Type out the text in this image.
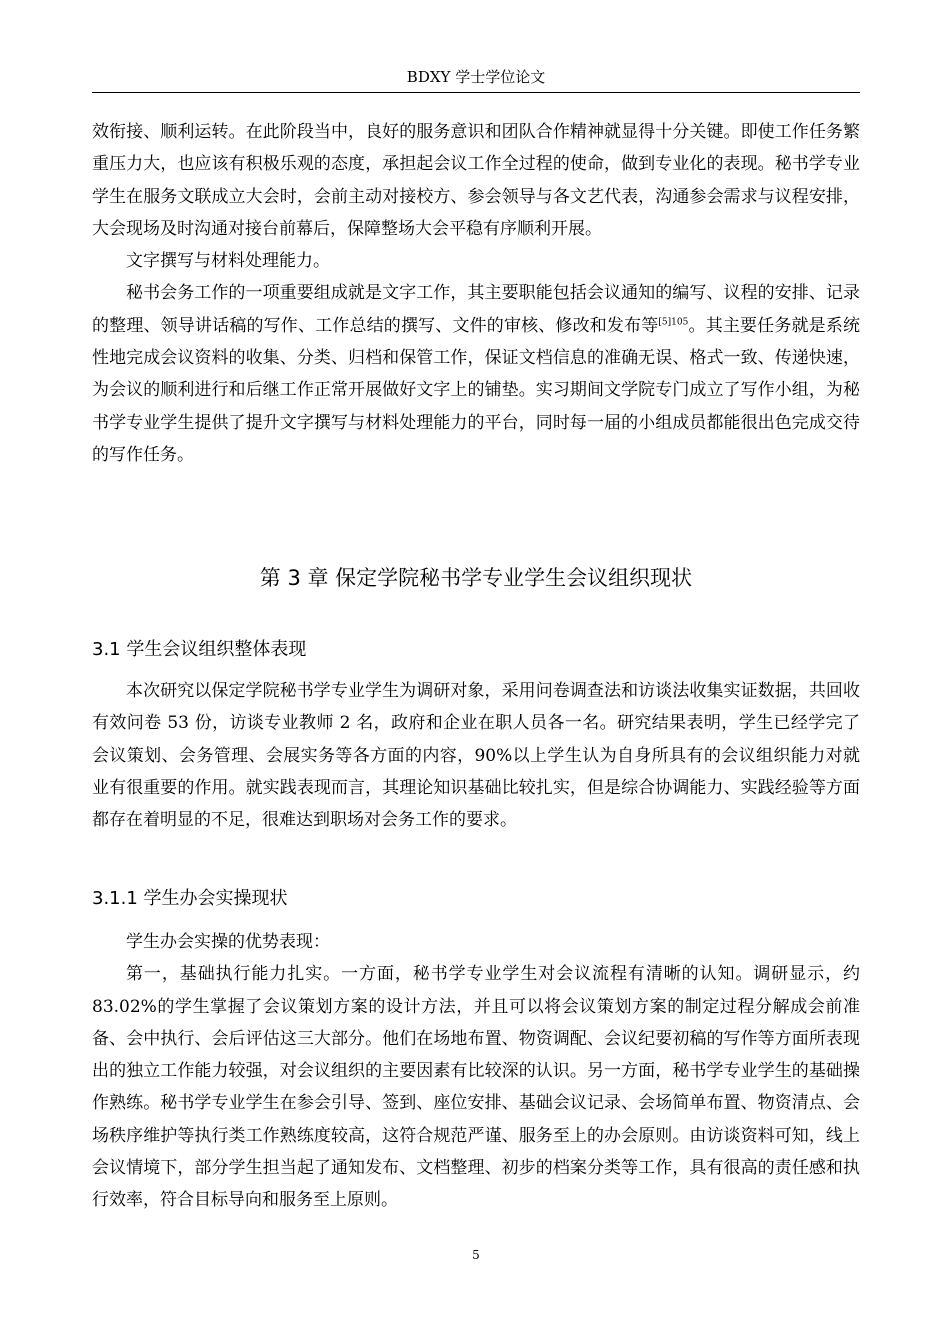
BDXY 学士学位论文

效衔接、顺利运转。在此阶段当中，良好的服务意识和团队合作精神就显得十分关键。即使工作任务繁重压力大，也应该有积极乐观的态度，承担起会议工作全过程的使命，做到专业化的表现。秘书学专业学生在服务文联成立大会时，会前主动对接校方、参会领导与各文艺代表，沟通参会需求与议程安排，大会现场及时沟通对接台前幕后，保障整场大会平稳有序顺利开展。

文字撰写与材料处理能力。

秘书会务工作的一项重要组成就是文字工作，其主要职能包括会议通知的编写、议程的安排、记录的整理、领导讲话稿的写作、工作总结的撰写、文件的审核、修改和发布等$^{[5]105}$。其主要任务就是系统性地完成会议资料的收集、分类、归档和保管工作，保证文档信息的准确无误、格式一致、传递快速，为会议的顺利进行和后继工作正常开展做好文字上的铺垫。实习期间文学院专门成立了写作小组，为秘书学专业学生提供了提升文字撰写与材料处理能力的平台，同时每一届的小组成员都能很出色完成交待的写作任务。

第 3 章 保定学院秘书学专业学生会议组织现状
3.1 学生会议组织整体表现

本次研究以保定学院秘书学专业学生为调研对象，采用问卷调查法和访谈法收集实证数据，共回收有效问卷 53 份，访谈专业教师 2 名，政府和企业在职人员各一名。研究结果表明，学生已经学完了会议策划、会务管理、会展实务等各方面的内容，90%以上学生认为自身所具有的会议组织能力对就业有很重要的作用。就实践表现而言，其理论知识基础比较扎实，但是综合协调能力、实践经验等方面都存在着明显的不足，很难达到职场对会务工作的要求。

3.1.1 学生办会实操现状

学生办会实操的优势表现：

第一，基础执行能力扎实。一方面，秘书学专业学生对会议流程有清晰的认知。调研显示，约 83.02%的学生掌握了会议策划方案的设计方法，并且可以将会议策划方案的制定过程分解成会前准备、会中执行、会后评估这三大部分。他们在场地布置、物资调配、会议纪要初稿的写作等方面所表现出的独立工作能力较强，对会议组织的主要因素有比较深的认识。另一方面，秘书学专业学生的基础操作熟练。秘书学专业学生在参会引导、签到、座位安排、基础会议记录、会场简单布置、物资清点、会场秩序维护等执行类工作熟练度较高，这符合规范严谨、服务至上的办会原则。由访谈资料可知，线上会议情境下，部分学生担当起了通知发布、文档整理、初步的档案分类等工作，具有很高的责任感和执行效率，符合目标导向和服务至上原则。

5
